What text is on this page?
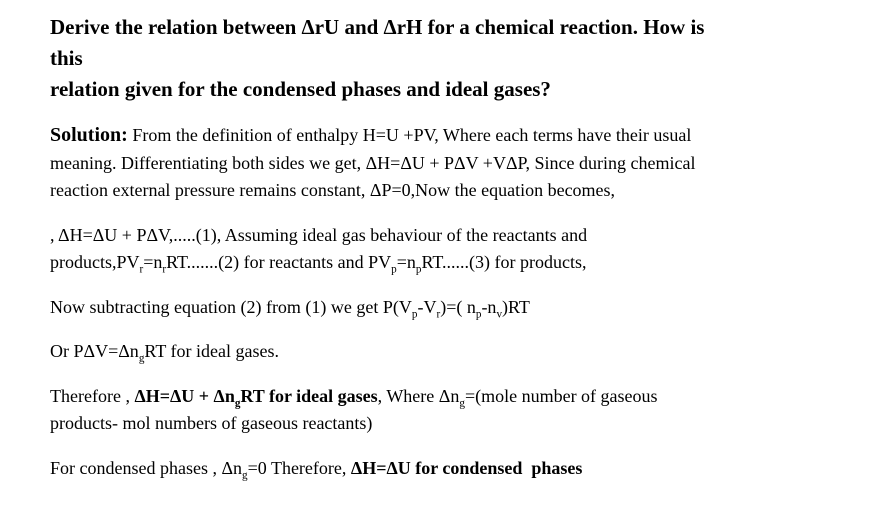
Derive the relation between ΔrU and ΔrH for a chemical reaction. How is
this
relation given for the condensed phases and ideal gases?
Solution: From the definition of enthalpy H=U +PV, Where each terms have their usual
meaning. Differentiating both sides we get, ΔH=ΔU + PΔV +VΔP, Since during chemical
reaction external pressure remains constant, ΔP=0,Now the equation becomes,
, ΔH=ΔU + PΔV,.....(1), Assuming ideal gas behaviour of the reactants and
$products,PV_r=n_rRT.......(2)$ for reactants and $PV_p=n_pRT......(3)$ for products,
Now subtracting equation (2) from (1) we get $P(V_p-V_r)=$( $n_p-n_v)RT$
Or $P\Delta V=\Delta n_gRT$ for ideal gases.
Therefore , $\Delta H=\Delta U + \Delta n_gRT$ for ideal gases, Where $\Delta n_g=(mole$ number of gaseous
products- mol numbers of gaseous reactants)
For condensed phases , $\Delta n_g=0$ Therefore, ΔH=ΔU for condensed  phases
